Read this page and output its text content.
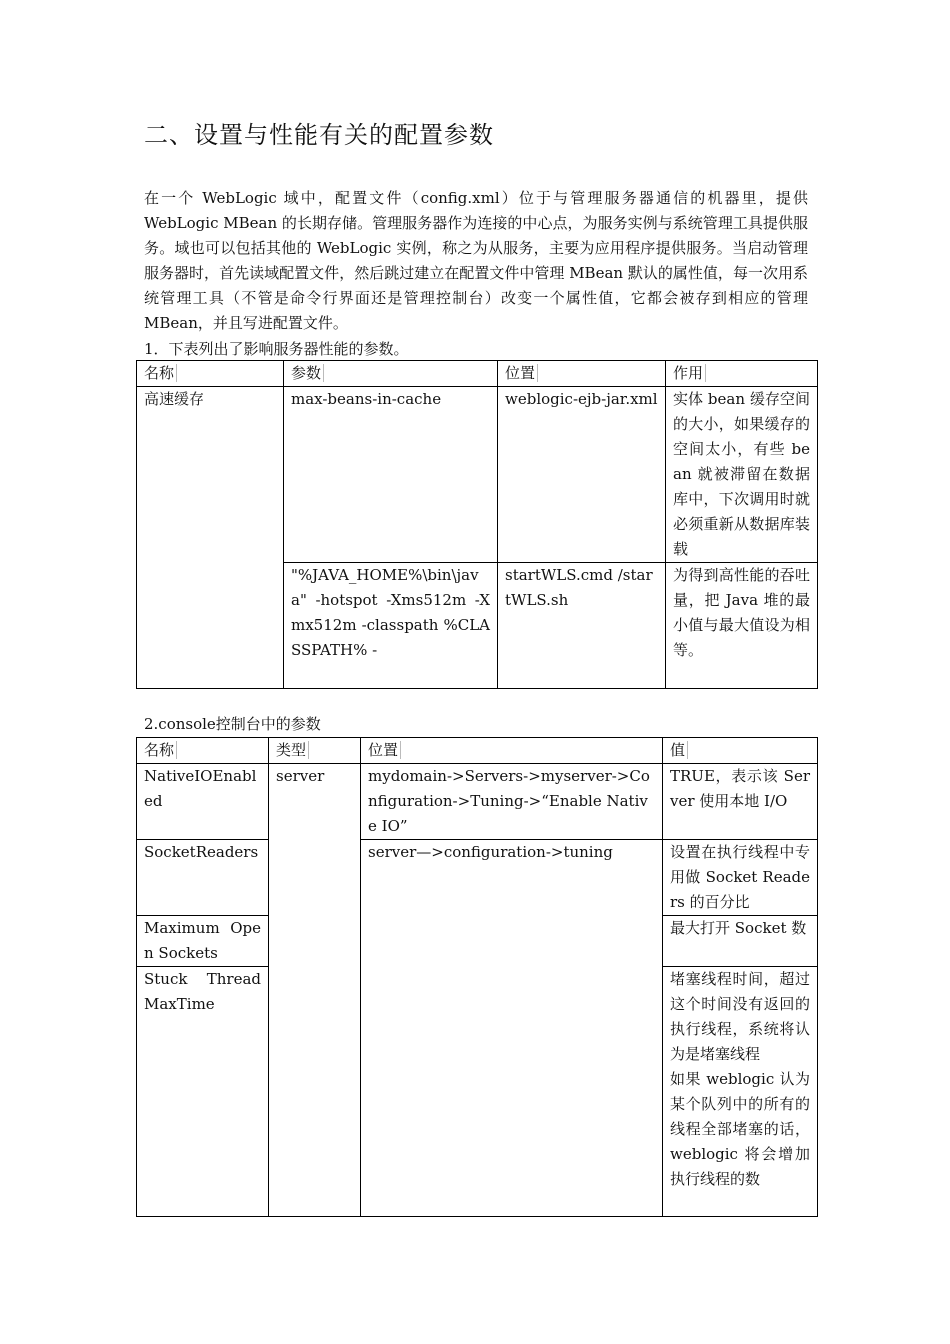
二、设置与性能有关的配置参数

在一个 WebLogic 域中，配置文件（config.xml）位于与管理服务器通信的机器里，提供WebLogic MBean 的长期存储。管理服务器作为连接的中心点，为服务实例与系统管理工具提供服务。域也可以包括其他的 WebLogic 实例，称之为从服务，主要为应用程序提供服务。当启动管理服务器时，首先读域配置文件，然后跳过建立在配置文件中管理 MBean 默认的属性值，每一次用系统管理工具（不管是命令行界面还是管理控制台）改变一个属性值，它都会被存到相应的管理 MBean，并且写进配置文件。

1．下表列出了影响服务器性能的参数。

名称	参数	位置	作用
高速缓存	max-beans-in-cache	weblogic-ejb-jar.xml	实体 bean 缓存空间的大小，如果缓存的空间太小，有些 bean 就被滞留在数据库中，下次调用时就必须重新从数据库装载
	"%JAVA_HOME%\bin\java" -hotspot -Xms512m -Xmx512m -classpath %CLASSPATH% -	startWLS.cmd /startWLS.sh	为得到高性能的吞吐量，把 Java 堆的最小值与最大值设为相等。

2.console控制台中的参数

名称	类型	位置	值
NativeIOEnabled	server	mydomain->Servers->myserver->Configuration->Tuning->“Enable Native IO”	TRUE，表示该 Server 使用本地 I/O
SocketReaders		server—>configuration->tuning	设置在执行线程中专用做 Socket Readers 的百分比
Maximum Open Sockets			最大打开 Socket 数
Stuck Thread MaxTime			堵塞线程时间，超过这个时间没有返回的执行线程，系统将认为是堵塞线程
如果 weblogic 认为某个队列中的所有的线程全部堵塞的话，weblogic 将会增加执行线程的数
